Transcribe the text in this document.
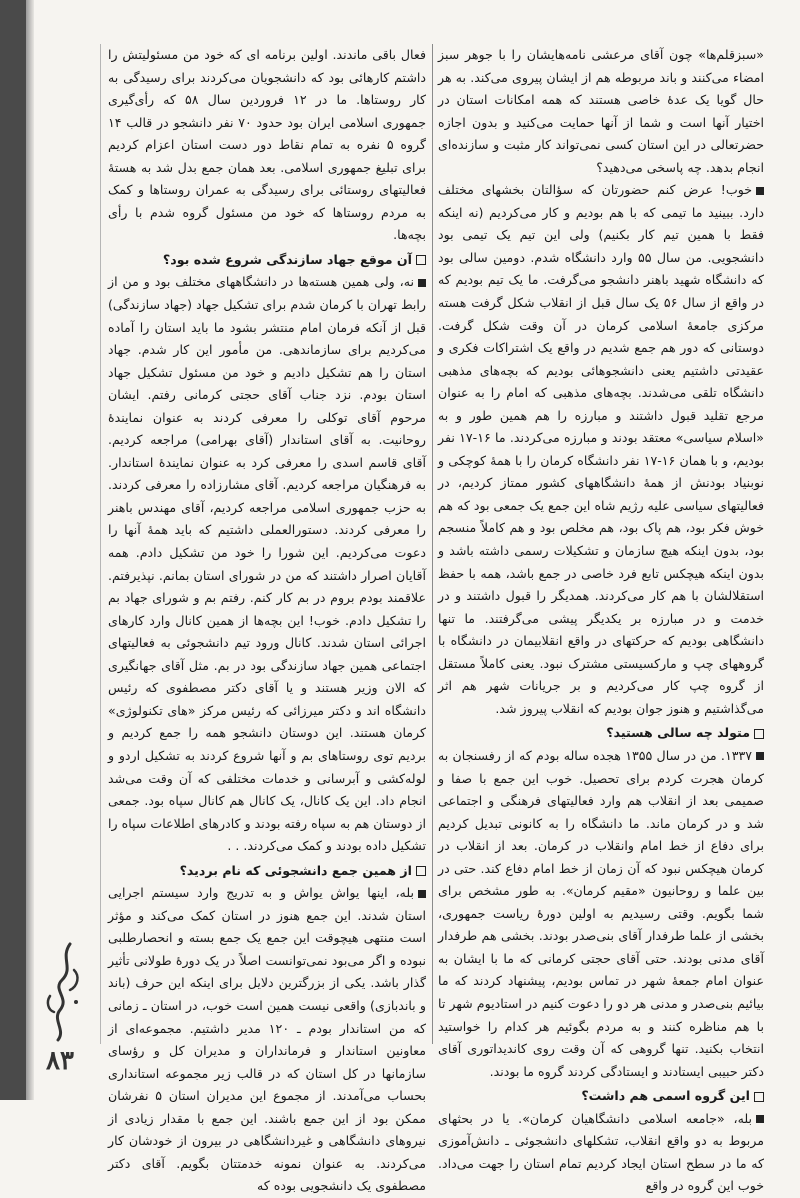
«سبزقلم‌ها» چون آقای مرعشی نامه‌هایشان را با جوهر سبز امضاء می‌کنند و باند مربوطه هم از ایشان پیروی می‌کند. به هر حال گویا یک عدهٔ خاصی هستند که همه امکانات استان در اختیار آنها است و شما از آنها حمایت می‌کنید و بدون اجازه حضرتعالی در این استان کسی نمی‌تواند کار مثبت و سازنده‌ای انجام بدهد. چه پاسخی می‌دهید؟

خوب! عرض کنم حضورتان که سؤالتان بخشهای مختلف دارد. ببینید ما تیمی که با هم بودیم و کار می‌کردیم (نه اینکه فقط با همین تیم کار بکنیم) ولی این تیم یک تیمی بود دانشجویی. من سال ۵۵ وارد دانشگاه شدم. دومین سالی بود که دانشگاه شهید باهنر دانشجو می‌گرفت. ما یک تیم بودیم که در واقع از سال ۵۶ یک سال قبل از انقلاب شکل گرفت هسته مرکزی جامعهٔ اسلامی کرمان در آن وقت شکل گرفت. دوستانی که دور هم جمع شدیم در واقع یک اشتراکات فکری و عقیدتی داشتیم یعنی دانشجوهائی بودیم که بچه‌های مذهبی دانشگاه تلقی می‌شدند. بچه‌های مذهبی که امام را به عنوان مرجع تقلید قبول داشتند و مبارزه را هم همین طور و به «اسلام سیاسی» معتقد بودند و مبارزه می‌کردند. ما ۱۶-۱۷ نفر بودیم، و با همان ۱۶-۱۷ نفر دانشگاه کرمان را با همهٔ کوچکی و نوبنیاد بودنش از همهٔ دانشگاههای کشور ممتاز کردیم، در فعالیتهای سیاسی علیه رژیم شاه این جمع یک جمعی بود که هم خوش فکر بود، هم پاک بود، هم مخلص بود و هم کاملاً منسجم بود، بدون اینکه هیچ سازمان و تشکیلات رسمی داشته باشد و بدون اینکه هیچکس تابع فرد خاصی در جمع باشد، همه با حفظ استقلالشان با هم کار می‌کردند. همدیگر را قبول داشتند و در خدمت و در مبارزه بر یکدیگر پیشی می‌گرفتند. ما تنها دانشگاهی بودیم که حرکتهای در واقع انقلابیمان در دانشگاه با گروههای چپ و مارکسیستی مشترک نبود. یعنی کاملاً مستقل از گروه چپ کار می‌کردیم و بر جریانات شهر هم اثر می‌گذاشتیم و هنوز جوان بودیم که انقلاب پیروز شد.

متولد چه سالی هستید؟

۱۳۳۷. من در سال ۱۳۵۵ هجده ساله بودم که از رفسنجان به کرمان هجرت کردم برای تحصیل. خوب این جمع با صفا و صمیمی بعد از انقلاب هم وارد فعالیتهای فرهنگی و اجتماعی شد و در کرمان ماند. ما دانشگاه را به کانونی تبدیل کردیم برای دفاع از خط امام وانقلاب در کرمان. بعد از انقلاب در کرمان هیچکس نبود که آن زمان از خط امام دفاع کند. حتی در بین علما و روحانیون «مقیم کرمان». به طور مشخص برای شما بگویم. وقتی رسیدیم به اولین دورهٔ ریاست جمهوری، بخشی از علما طرفدار آقای بنی‌صدر بودند. بخشی هم طرفدار آقای مدنی بودند. حتی آقای حجتی کرمانی که ما با ایشان به عنوان امام جمعهٔ شهر در تماس بودیم، پیشنهاد کردند که ما بیائیم بنی‌صدر و مدنی هر دو را دعوت کنیم در استادیوم شهر تا با هم مناظره کنند و به مردم بگوئیم هر کدام را خواستید انتخاب بکنید. تنها گروهی که آن وقت روی کاندیداتوری آقای دکتر حبیبی ایستادند و ایستادگی کردند گروه ما بودند.

این گروه اسمی هم داشت؟

بله، «جامعه اسلامی دانشگاهیان کرمان». یا در بحثهای مربوط به دو واقع انقلاب، تشکلهای دانشجوئی ـ دانش‌آموزی که ما در سطح استان ایجاد کردیم تمام استان را جهت می‌داد. خوب این گروه در واقع

فعال باقی ماندند. اولین برنامه ای که خود من مسئولیتش را داشتم کارهائی بود که دانشجویان می‌کردند برای رسیدگی به کار روستاها. ما در ۱۲ فروردین سال ۵۸ که رأی‌گیری جمهوری اسلامی ایران بود حدود ۷۰ نفر دانشجو در قالب ۱۴ گروه ۵ نفره به تمام نقاط دور دست استان اعزام کردیم برای تبلیغ جمهوری اسلامی. بعد همان جمع بدل شد به هستهٔ فعالیتهای روستائی برای رسیدگی به عمران روستاها و کمک به مردم روستاها که خود من مسئول گروه شدم با رأی بچه‌ها.

آن موقع جهاد سازندگی شروع شده بود؟

نه، ولی همین هسته‌ها در دانشگاههای مختلف بود و من از رابط تهران با کرمان شدم برای تشکیل جهاد (جهاد سازندگی) قبل از آنکه فرمان امام منتشر بشود ما باید استان را آماده می‌کردیم برای سازماندهی. من مأمور این کار شدم. جهاد استان را هم تشکیل دادیم و خود من مسئول تشکیل جهاد استان بودم. نزد جناب آقای حجتی کرمانی رفتم. ایشان مرحوم آقای توکلی را معرفی کردند به عنوان نمایندهٔ روحانیت. به آقای استاندار (آقای بهرامی) مراجعه کردیم. آقای قاسم اسدی را معرفی کرد به عنوان نمایندهٔ استاندار. به فرهنگیان مراجعه کردیم. آقای مشارزاده را معرفی کردند. به حزب جمهوری اسلامی مراجعه کردیم، آقای مهندس باهنر را معرفی کردند. دستورالعملی داشتیم که باید همهٔ آنها را دعوت می‌کردیم. این شورا را خود من تشکیل دادم. همه آقایان اصرار داشتند که من در شورای استان بمانم. نپذیرفتم. علاقمند بودم بروم در بم کار کنم. رفتم بم و شورای جهاد بم را تشکیل دادم. خوب! این بچه‌ها از همین کانال وارد کارهای اجرائی استان شدند. کانال ورود تیم دانشجوئی به فعالیتهای اجتماعی همین جهاد سازندگی بود در بم. مثل آقای جهانگیری که الان وزیر هستند و یا آقای دکتر مصطفوی که رئیس دانشگاه اند و دکتر میرزائی که رئیس مرکز «های تکنولوژی» کرمان هستند. این دوستان دانشجو همه را جمع کردیم و بردیم توی روستاهای بم و آنها شروع کردند به تشکیل اردو و لوله‌کشی و آبرسانی و خدمات مختلفی که آن وقت می‌شد انجام داد. این یک کانال، یک کانال هم کانال سپاه بود. جمعی از دوستان هم به سپاه رفته بودند و کادرهای اطلاعات سپاه را تشکیل داده بودند و کمک می‌کردند. . .

از همین جمع دانشجوئی که نام بردید؟

بله، اینها یواش یواش و به تدریج وارد سیستم اجرایی استان شدند. این جمع هنوز در استان کمک می‌کند و مؤثر است منتهی هیچوقت این جمع یک جمع بسته و انحصارطلبی نبوده و اگر می‌بود نمی‌توانست اصلاً در یک دورهٔ طولانی تأثیر گذار باشد. یکی از بزرگترین دلایل برای اینکه این حرف (باند و باندبازی) واقعی نیست همین است خوب، در استان ـ زمانی که من استاندار بودم ـ ۱۲۰ مدیر داشتیم. مجموعه‌ای از معاونین استاندار و فرمانداران و مدیران کل و رؤسای سازمانها در کل استان که در قالب زیر مجموعه استانداری بحساب می‌آمدند. از مجموع این مدیران استان ۵ نفرشان ممکن بود از این جمع باشند. این جمع با مقدار زیادی از نیروهای دانشگاهی و غیردانشگاهی در بیرون از خودشان کار می‌کردند. به عنوان نمونه خدمتتان بگویم. آقای دکتر مصطفوی یک دانشجویی بوده که

۸۳
